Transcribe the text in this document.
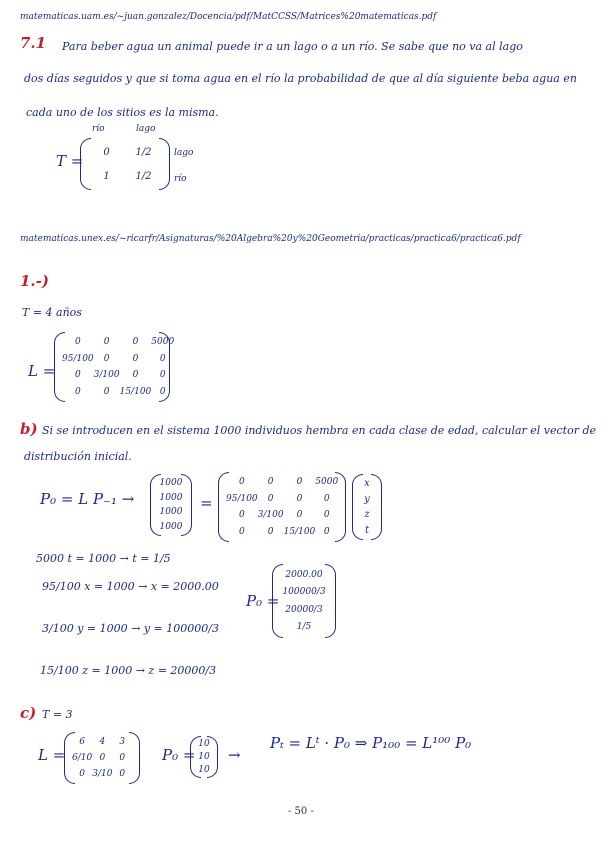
matematicas.uam.es/~juan.gonzalez/Docencia/pdf/MatCCSS/Matrices%20matematicas.pdf
7.1 Para beber agua un animal puede ir a un lago o a un río. Se sabe que no va al lago
dos días seguidos y que si toma agua en el río la probabilidad de que al día siguiente beba agua en
cada uno de los sitios es la misma.
río	lago
T =	0	1/2
1	1/2
lago
río
matematicas.unex.es/~ricarfr/Asignaturas/%20Algebra%20y%20Geometria/practicas/practica6/practica6.pdf
1.-)
T = 4 años
L =
0	0	0	5000
95/100	0	0	0
0	3/100	0	0
0	0	15/100 0
b) Si se introducen en el sistema 1000 individuos hembra en cada clase de edad, calcular el vector de
distribución inicial.
P₀ = L P₋₁ →
1000
1000
1000
1000
=
0	0	0	5000
95/100	0	0	0
0	3/100	0	0
0	0	15/100 0
x
y
z
t
5000 t = 1000 → t = 1/5
95/100 x = 1000 → x = 2000.00
3/100 y = 1000 → y = 100000/3
15/100 z = 1000 → z = 20000/3
P₀ =
2000.00
100000/3
20000/3
1/5
c) T = 3
L =
6	4	3
6/10 0	0
0 3/10 0
P₀ =
10
10
10
→
Pₜ = Lᵗ · P₀ ⇒ P₁₀₀ = L¹⁰⁰ P₀
- 50 -
